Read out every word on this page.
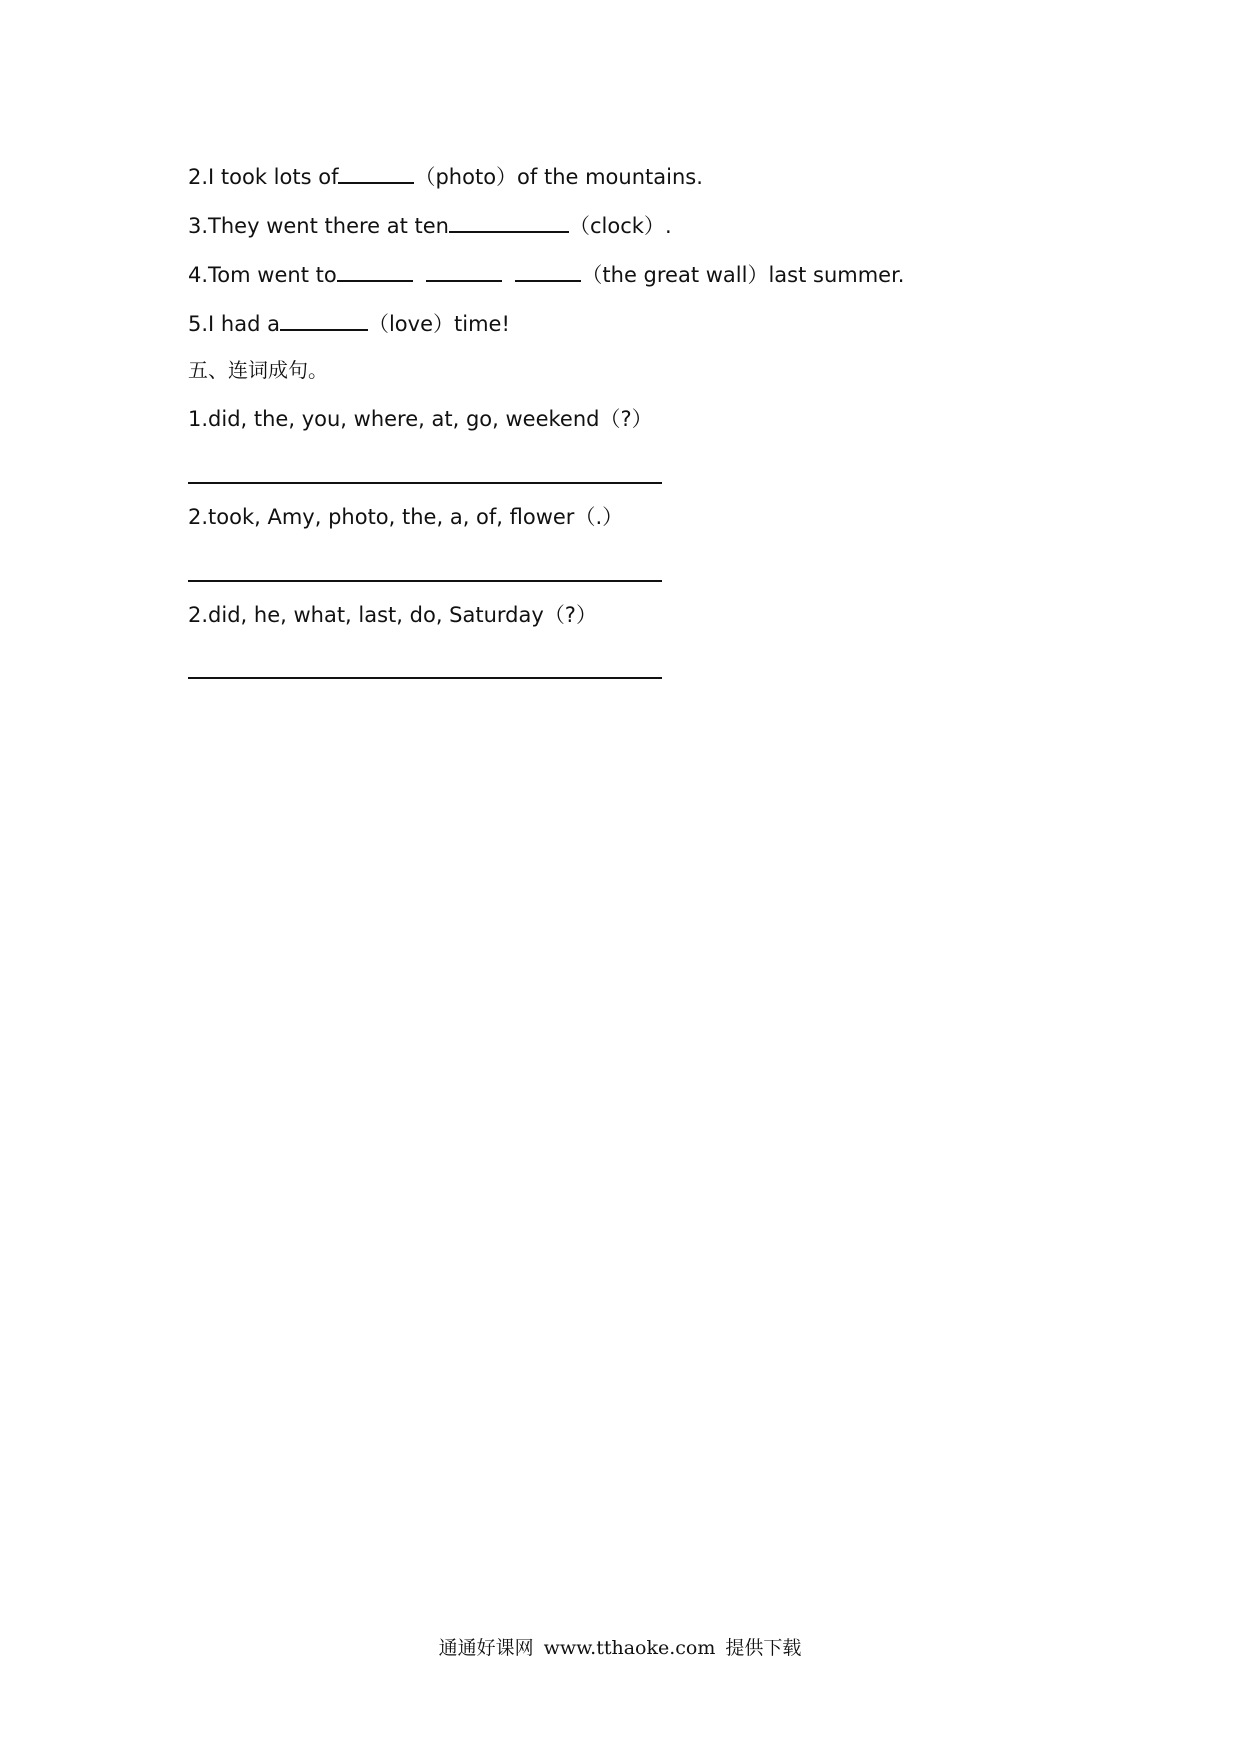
2.I took lots of	（photo）of the mountains.
3.They went there at ten	（clock）.
4.Tom went to	（the great wall）last summer.
5.I had a	（love）time!
五、连词成句。
1.did, the, you, where, at, go, weekend（?）
2.took, Amy, photo, the, a, of, flower（.）
2.did, he, what, last, do, Saturday（?）
通通好课网 www.tthaoke.com 提供下载
